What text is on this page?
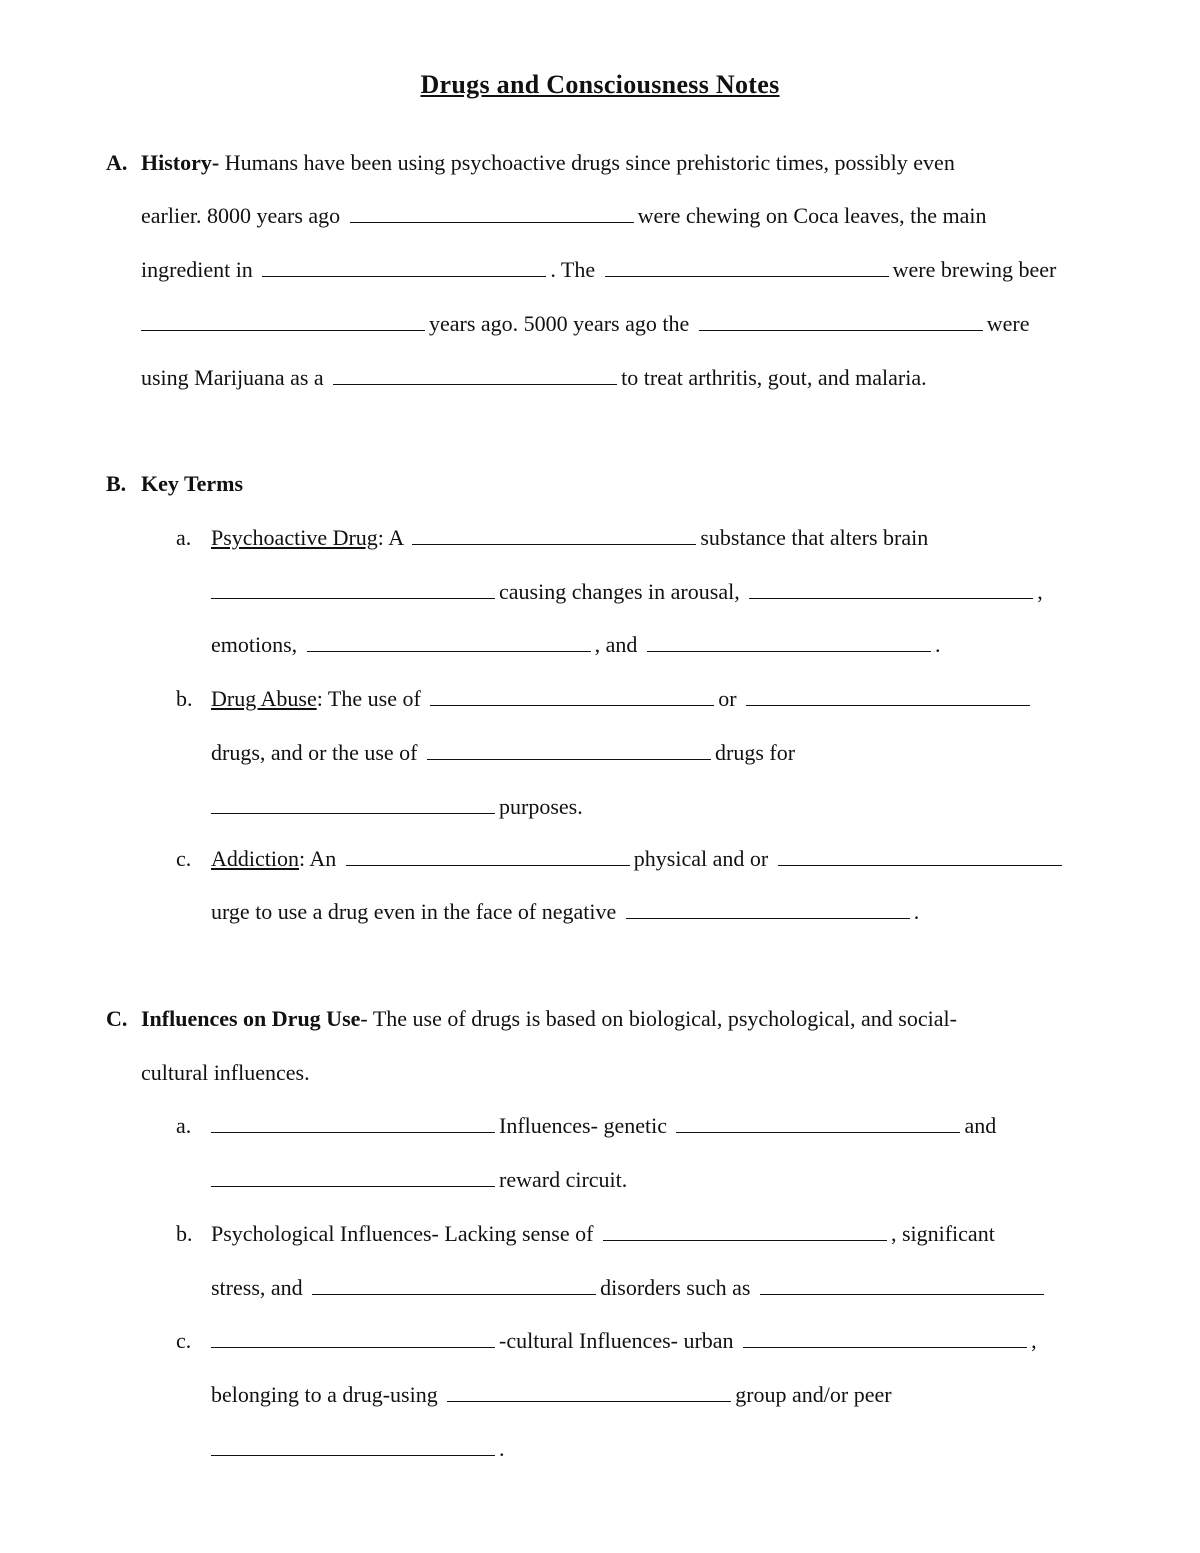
Drugs and Consciousness Notes
A. History- Humans have been using psychoactive drugs since prehistoric times, possibly even
earlier. 8000 years ago	were chewing on Coca leaves, the main
ingredient in	. The	were brewing beer
years ago. 5000 years ago the	were
using Marijuana as a	to treat arthritis, gout, and malaria.
B. Key Terms
a. Psychoactive Drug: A	substance that alters brain
causing changes in arousal,	,
emotions,	, and	.
b. Drug Abuse: The use of	or
drugs, and or the use of	drugs for
purposes.
c. Addiction: An	physical and or
urge to use a drug even in the face of negative	.
C. Influences on Drug Use- The use of drugs is based on biological, psychological, and social-
cultural influences.
a.	Influences- genetic	and
reward circuit.
b. Psychological Influences- Lacking sense of	, significant
stress, and	disorders such as
c.	-cultural Influences- urban	,
belonging to a drug-using	group and/or peer
.
